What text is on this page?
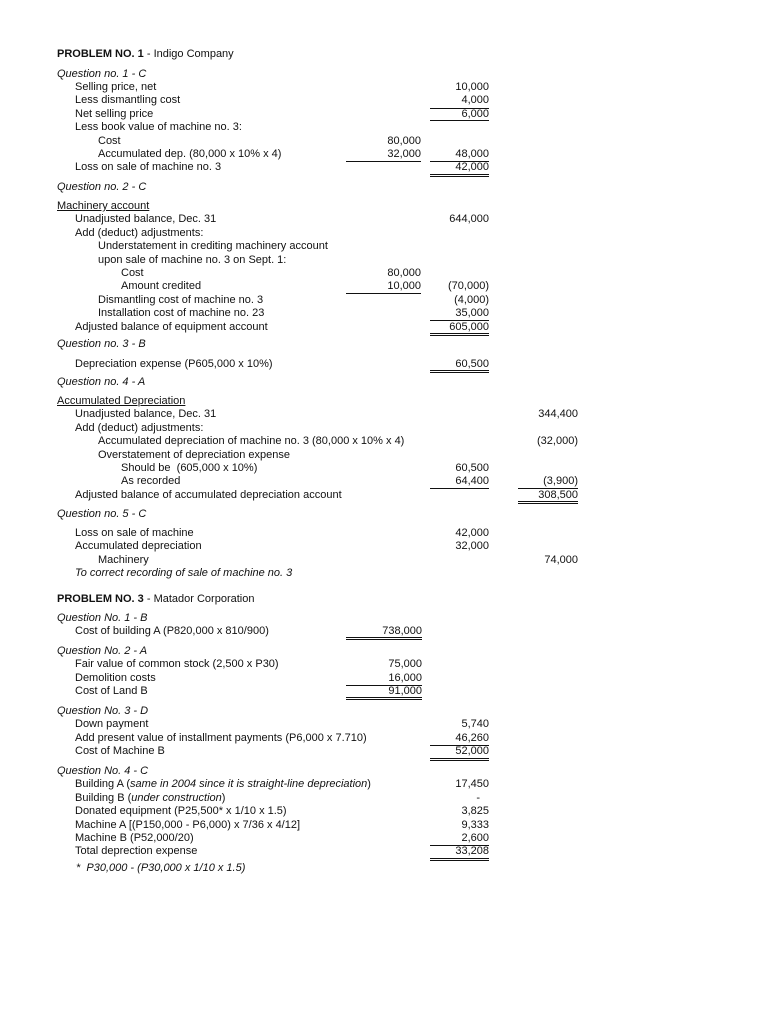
PROBLEM NO. 1 - Indigo Company
Question no. 1 - C
Selling price, net	10,000
Less dismantling cost	4,000
Net selling price	6,000
Less book value of machine no. 3:
Cost	80,000
Accumulated dep. (80,000 x 10% x 4)	32,000	48,000
Loss on sale of machine no. 3	42,000
Question no. 2 - C
Machinery account
Unadjusted balance, Dec. 31	644,000
Add (deduct) adjustments:
Understatement in crediting machinery account
upon sale of machine no. 3 on Sept. 1:
Cost	80,000
Amount credited	10,000 (70,000)
Dismantling cost of machine no. 3	(4,000)
Installation cost of machine no. 23	35,000
Adjusted balance of equipment account	605,000
Question no. 3 - B
Depreciation expense (P605,000 x 10%)	60,500
Question no. 4 - A
Accumulated Depreciation
Unadjusted balance, Dec. 31	344,400
Add (deduct) adjustments:
Accumulated depreciation of machine no. 3 (80,000 x 10% x 4)	(32,000)
Overstatement of depreciation expense
Should be  (605,000 x 10%)	60,500
As recorded	64,400	(3,900)
Adjusted balance of accumulated depreciation account	308,500
Question no. 5 - C
Loss on sale of machine	42,000
Accumulated depreciation	32,000
Machinery	74,000
To correct recording of sale of machine no. 3
PROBLEM NO. 3 - Matador Corporation
Question No. 1 - B
Cost of building A (P820,000 x 810/900)	738,000
Question No. 2 - A
Fair value of common stock (2,500 x P30)	75,000
Demolition costs	16,000
Cost of Land B	91,000
Question No. 3 - D
Down payment	5,740
Add present value of installment payments (P6,000 x 7.710)	46,260
Cost of Machine B	52,000
Question No. 4 - C
Building A (same in 2004 since it is straight-line depreciation)	17,450
Building B (under construction)	-
Donated equipment (P25,500* x 1/10 x 1.5)	3,825
Machine A [(P150,000 - P6,000) x 7/36 x 4/12]	9,333
Machine B (P52,000/20)	2,600
Total deprection expense	33,208
*  P30,000 - (P30,000 x 1/10 x 1.5)
